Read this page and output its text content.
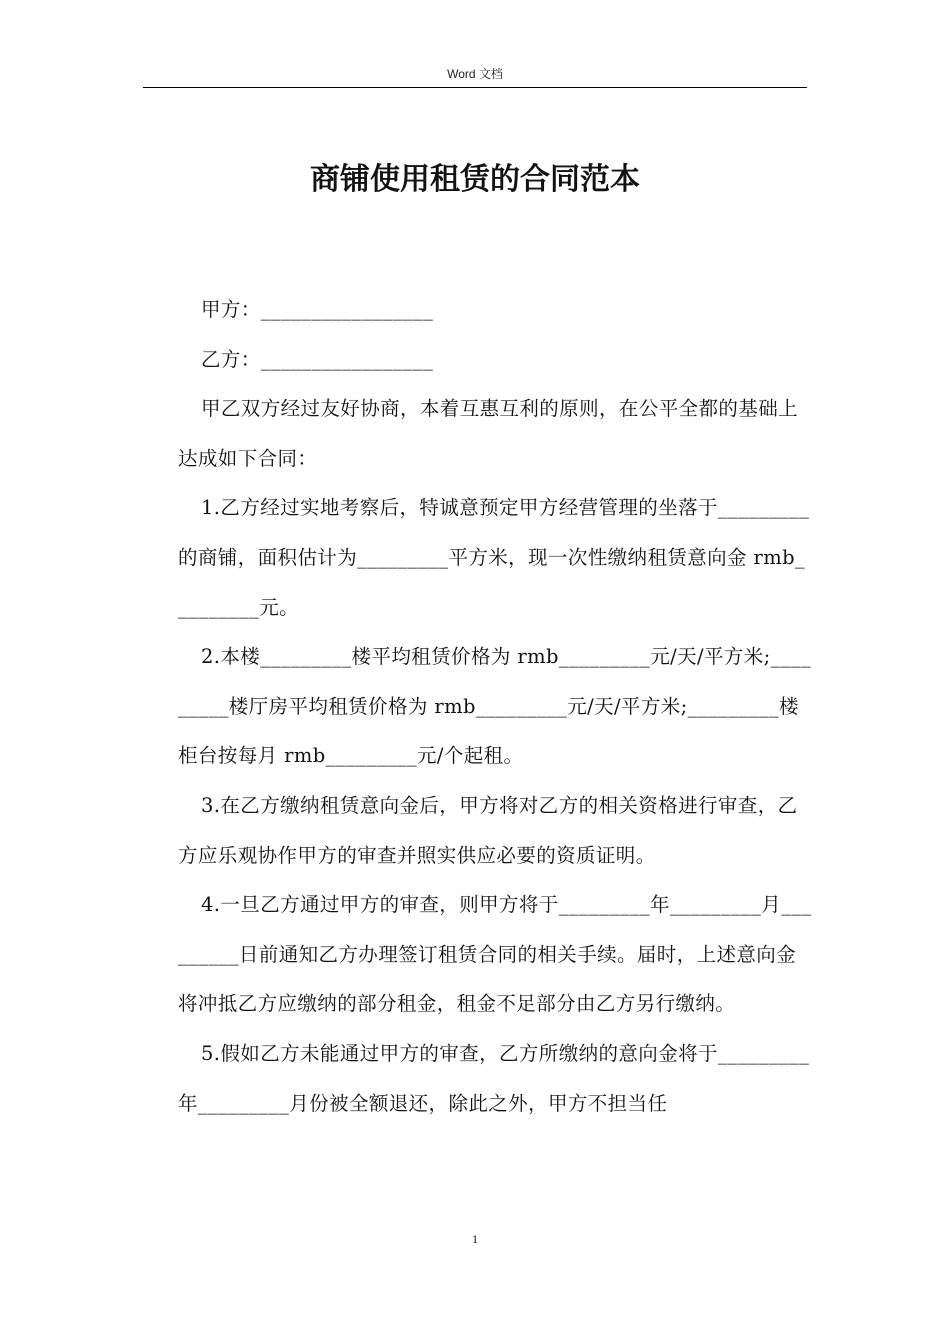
Word 文档
商铺使用租赁的合同范本

甲方：_________________

乙方：_________________

甲乙双方经过友好协商，本着互惠互利的原则，在公平全都的基础上达成如下合同：

1.乙方经过实地考察后，特诚意预定甲方经营管理的坐落于_________的商铺，面积估计为_________平方米，现一次性缴纳租赁意向金 rmb_________元。

2.本楼_________楼平均租赁价格为 rmb_________元/天/平方米;_________楼厅房平均租赁价格为 rmb_________元/天/平方米;_________楼柜台按每月 rmb_________元/个起租。

3.在乙方缴纳租赁意向金后，甲方将对乙方的相关资格进行审查，乙方应乐观协作甲方的审查并照实供应必要的资质证明。

4.一旦乙方通过甲方的审查，则甲方将于_________年_________月_________日前通知乙方办理签订租赁合同的相关手续。届时，上述意向金将冲抵乙方应缴纳的部分租金，租金不足部分由乙方另行缴纳。

5.假如乙方未能通过甲方的审查，乙方所缴纳的意向金将于_________年_________月份被全额退还，除此之外，甲方不担当任

1
